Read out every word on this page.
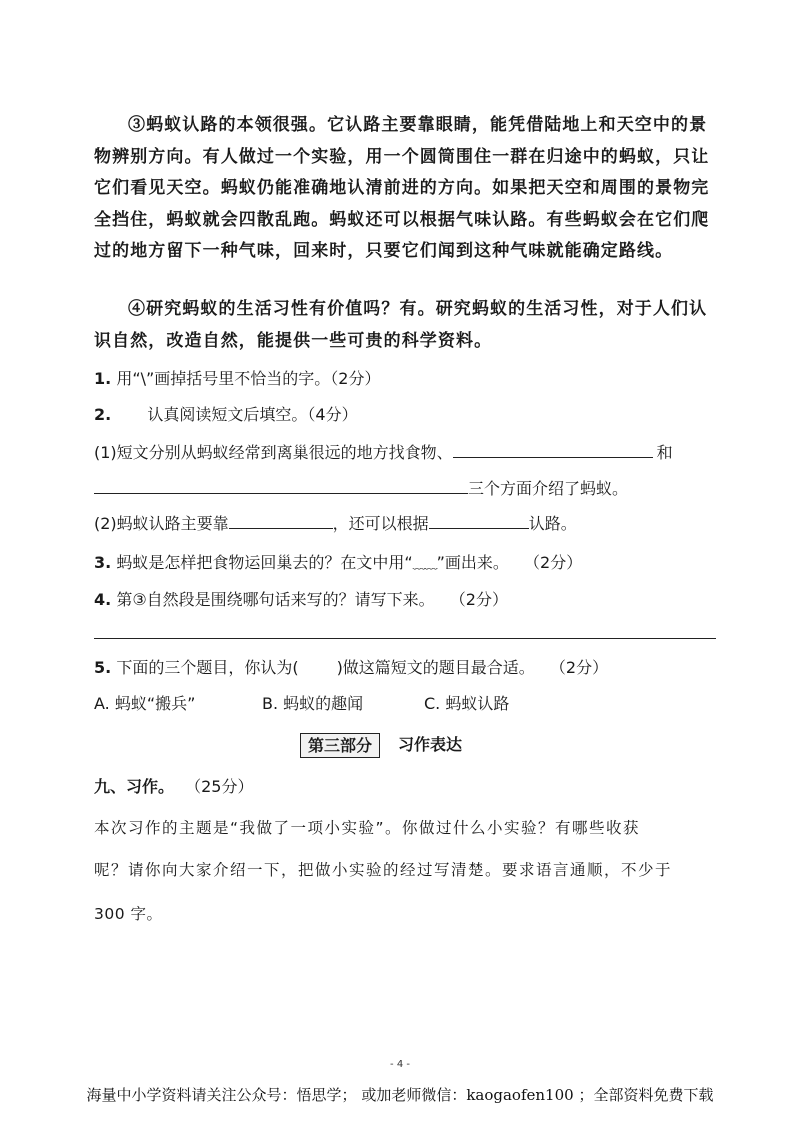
③蚂蚁认路的本领很强。它认路主要靠眼睛，能凭借陆地上和天空中的景物辨别方向。有人做过一个实验，用一个圆筒围住一群在归途中的蚂蚁，只让它们看见天空。蚂蚁仍能准确地认清前进的方向。如果把天空和周围的景物完全挡住，蚂蚁就会四散乱跑。蚂蚁还可以根据气味认路。有些蚂蚁会在它们爬过的地方留下一种气味，回来时，只要它们闻到这种气味就能确定路线。
④研究蚂蚁的生活习性有价值吗？有。研究蚂蚁的生活习性，对于人们认识自然，改造自然，能提供一些可贵的科学资料。
1. 用“\”画掉括号里不恰当的字。（2分）
2. 认真阅读短文后填空。（4分）
(1)短文分别从蚂蚁经常到离巢很远的地方找食物、	和
三个方面介绍了蚂蚁。
(2)蚂蚁认路主要靠	，还可以根据	认路。
3. 蚂蚁是怎样把食物运回巢去的？在文中用“﹏﹏”画出来。 （2分）
4. 第③自然段是围绕哪句话来写的？请写下来。 （2分）
5. 下面的三个题目，你认为( )做这篇短文的题目最合适。 （2分）
A. 蚂蚁“搬兵”	B. 蚂蚁的趣闻	C. 蚂蚁认路
第三部分	习作表达
九、习作。 （25分）
本次习作的主题是“我做了一项小实验”。你做过什么小实验？有哪些收获
呢？请你向大家介绍一下，把做小实验的经过写清楚。要求语言通顺，不少于
300 字。
- 4 -
海量中小学资料请关注公众号：悟思学； 或加老师微信：kaogaofen100 ；全部资料免费下载
